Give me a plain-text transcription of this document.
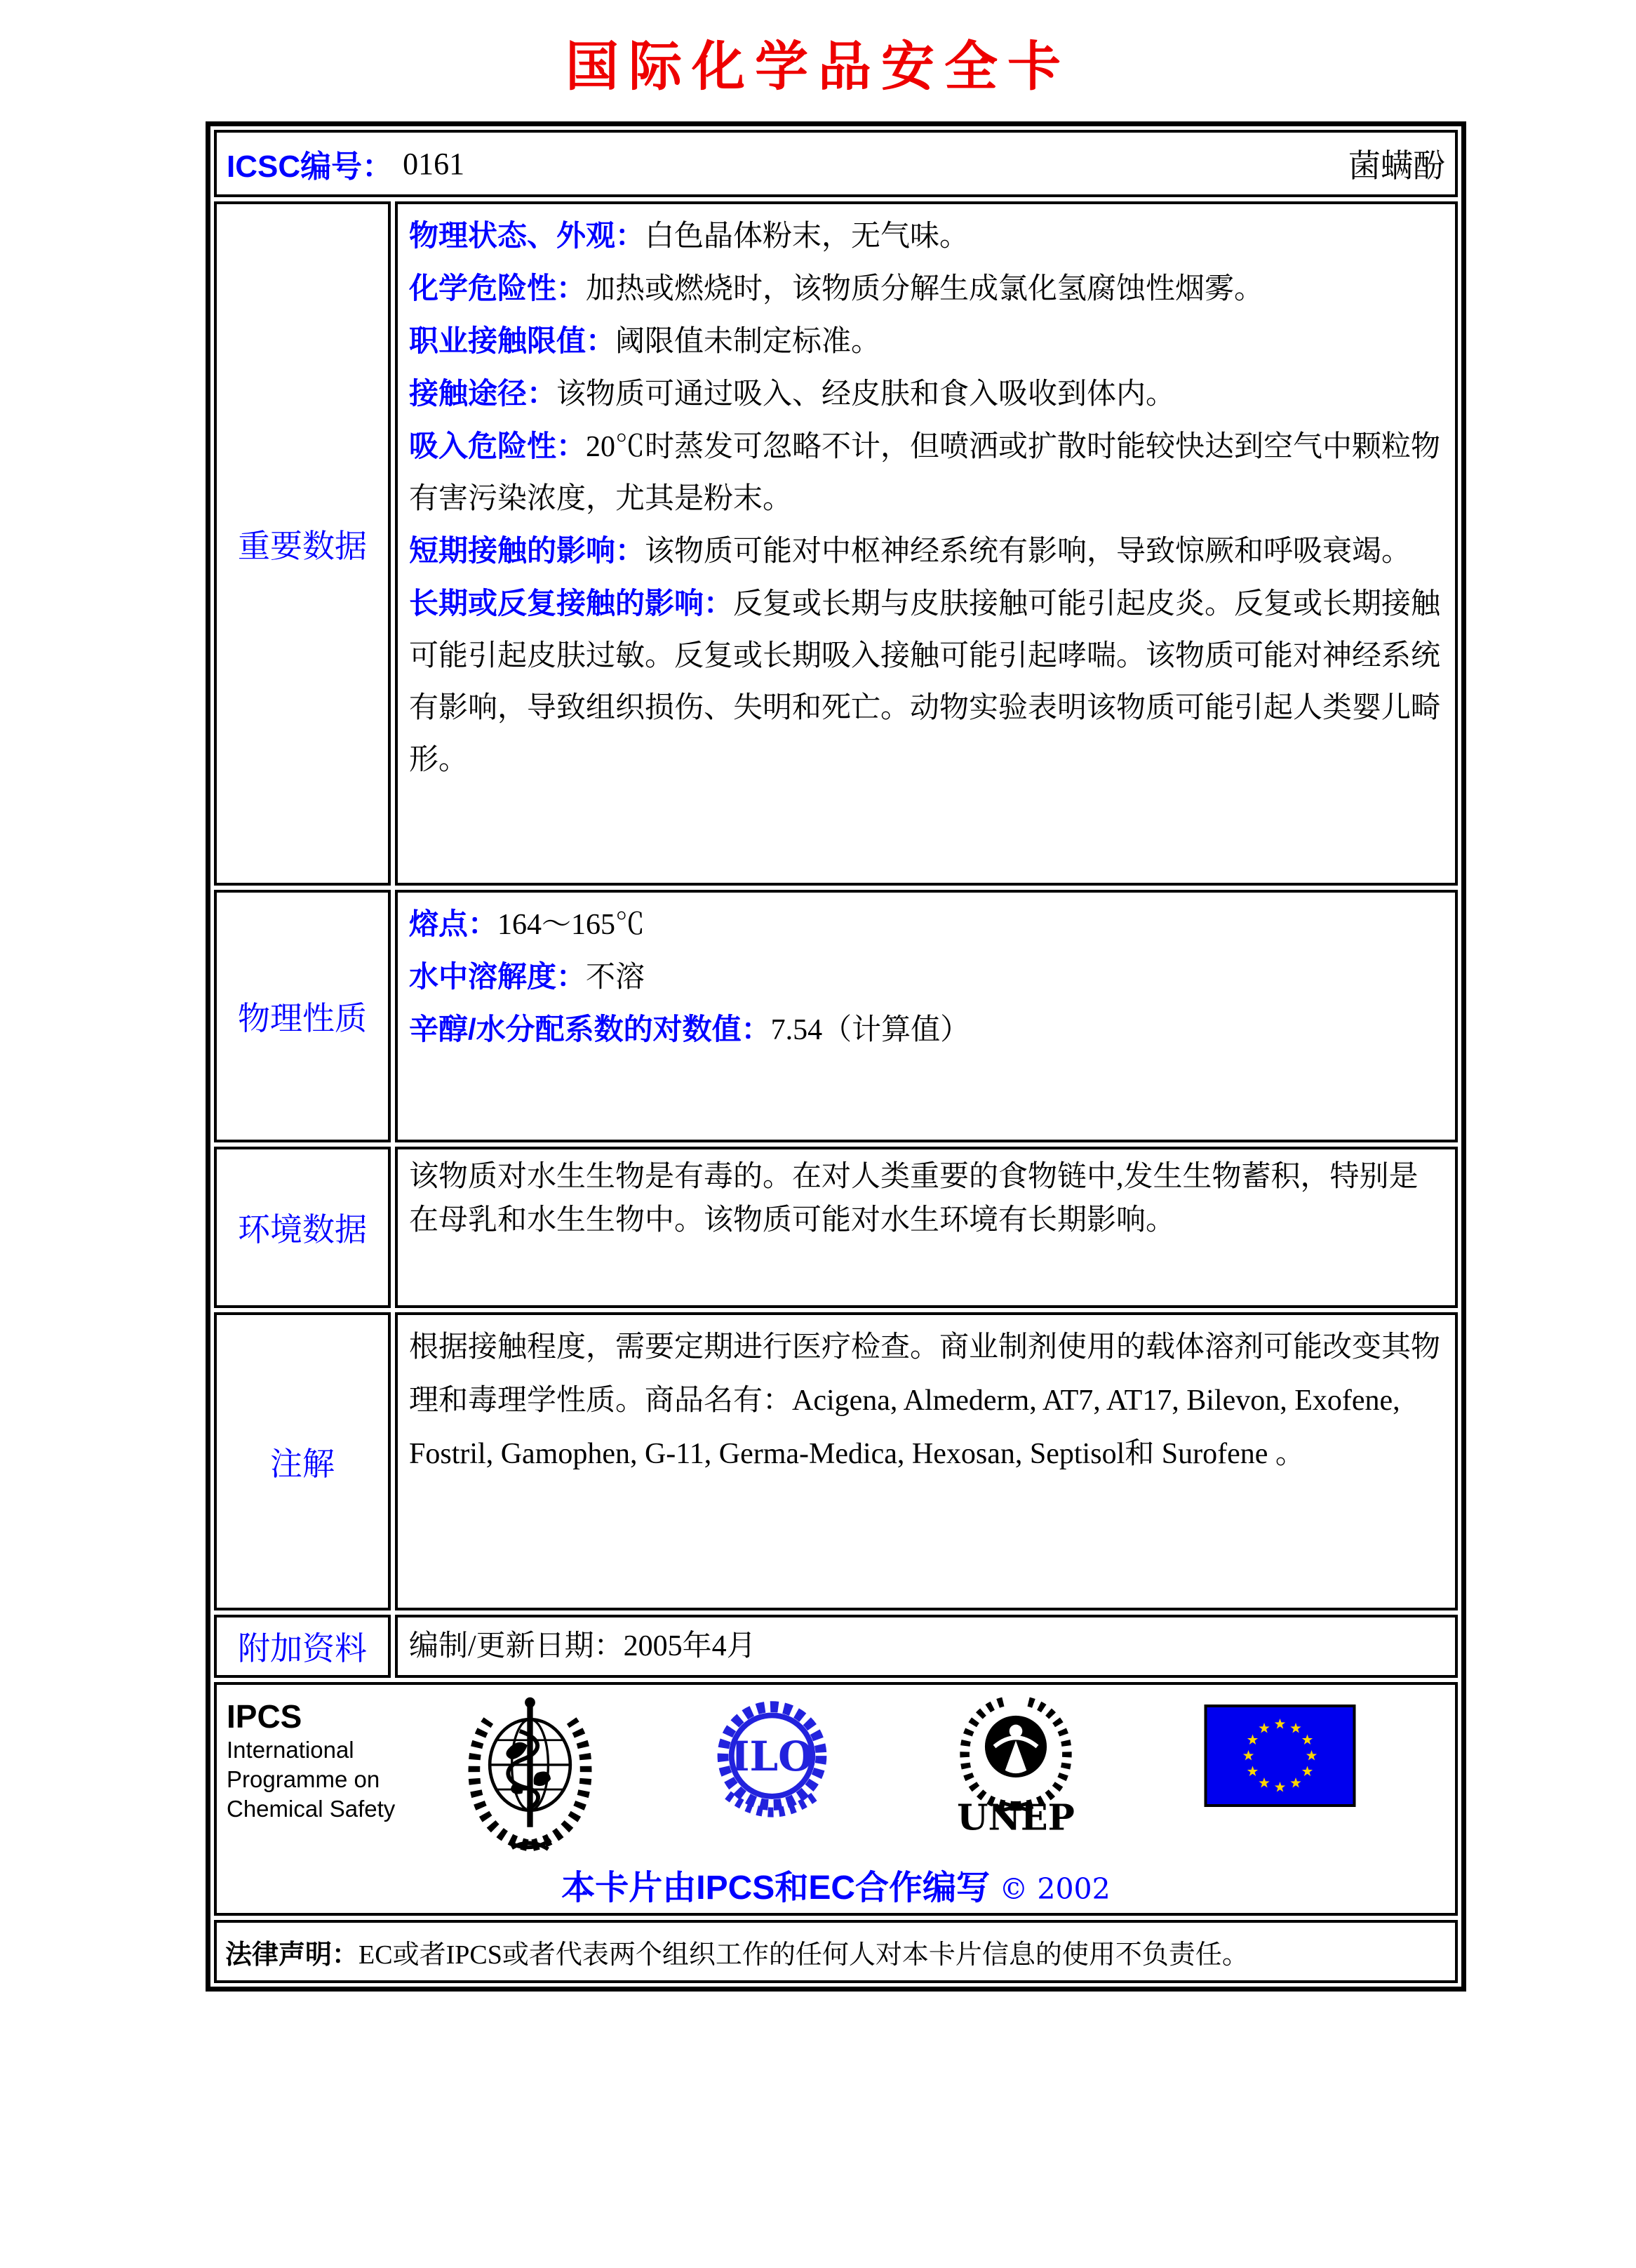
国际化学品安全卡
ICSC编号： 0161	菌螨酚
重要数据

物理状态、外观：白色晶体粉末，无气味。

化学危险性：加热或燃烧时，该物质分解生成氯化氢腐蚀性烟雾。

职业接触限值：阈限值未制定标准。

接触途径：该物质可通过吸入、经皮肤和食入吸收到体内。

吸入危险性：20℃时蒸发可忽略不计，但喷洒或扩散时能较快达到空气中颗粒物有害污染浓度，尤其是粉末。

短期接触的影响：该物质可能对中枢神经系统有影响，导致惊厥和呼吸衰竭。

长期或反复接触的影响：反复或长期与皮肤接触可能引起皮炎。反复或长期接触可能引起皮肤过敏。反复或长期吸入接触可能引起哮喘。该物质可能对神经系统有影响，导致组织损伤、失明和死亡。动物实验表明该物质可能引起人类婴儿畸形。

物理性质

熔点：164～165℃

水中溶解度：不溶

辛醇/水分配系数的对数值：7.54（计算值）

环境数据

该物质对水生生物是有毒的。在对人类重要的食物链中,发生生物蓄积，特别是在母乳和水生生物中。该物质可能对水生环境有长期影响。

注解

根据接触程度，需要定期进行医疗检查。商业制剂使用的载体溶剂可能改变其物理和毒理学性质。商品名有：Acigena, Almederm, AT7, AT17, Bilevon, Exofene, Fostril, Gamophen, G-11, Germa-Medica, Hexosan, Septisol和 Surofene 。

附加资料 编制/更新日期：2005年4月
IPCS
International
Programme on
Chemical Safety
ILO
UNEP
本卡片由IPCS和EC合作编写 © 2002
法律声明： EC或者IPCS或者代表两个组织工作的任何人对本卡片信息的使用不负责任。
